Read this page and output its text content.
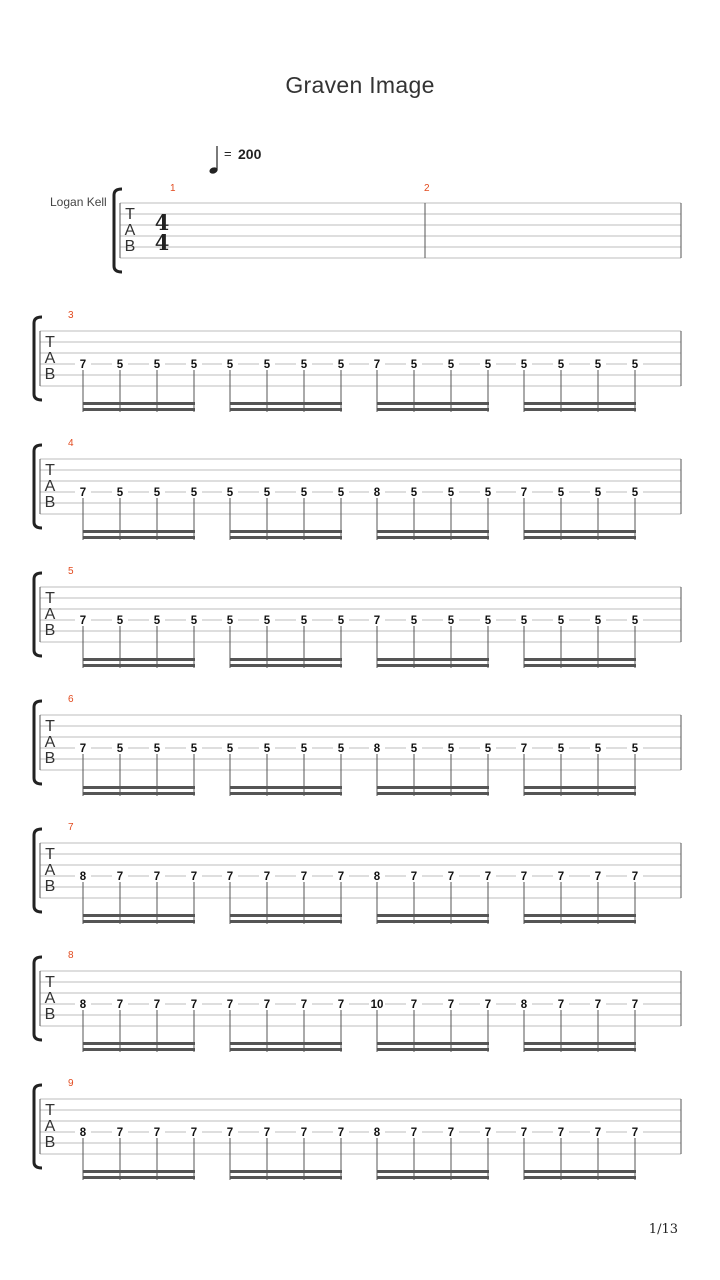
Graven Image
= 200
Logan Kell
T
A
B
4
4
1	2
T
A
B
3
7	5	5	5	5	5	5	5	7	5	5	5	5	5	5	5
T
A
B
4
7	5	5	5	5	5	5	5	8	5	5	5	7	5	5	5
T
A
B
5
7	5	5	5	5	5	5	5	7	5	5	5	5	5	5	5
T
A
B
6
7	5	5	5	5	5	5	5	8	5	5	5	7	5	5	5
T
A
B
7
8	7	7	7	7	7	7	7	8	7	7	7	7	7	7	7
T
A
B
8
8	7	7	7	7	7	7	7 10 7	7	7	8	7	7	7
T
A
B
9
8	7	7	7	7	7	7	7	8	7	7	7	7	7	7	7
1/13
